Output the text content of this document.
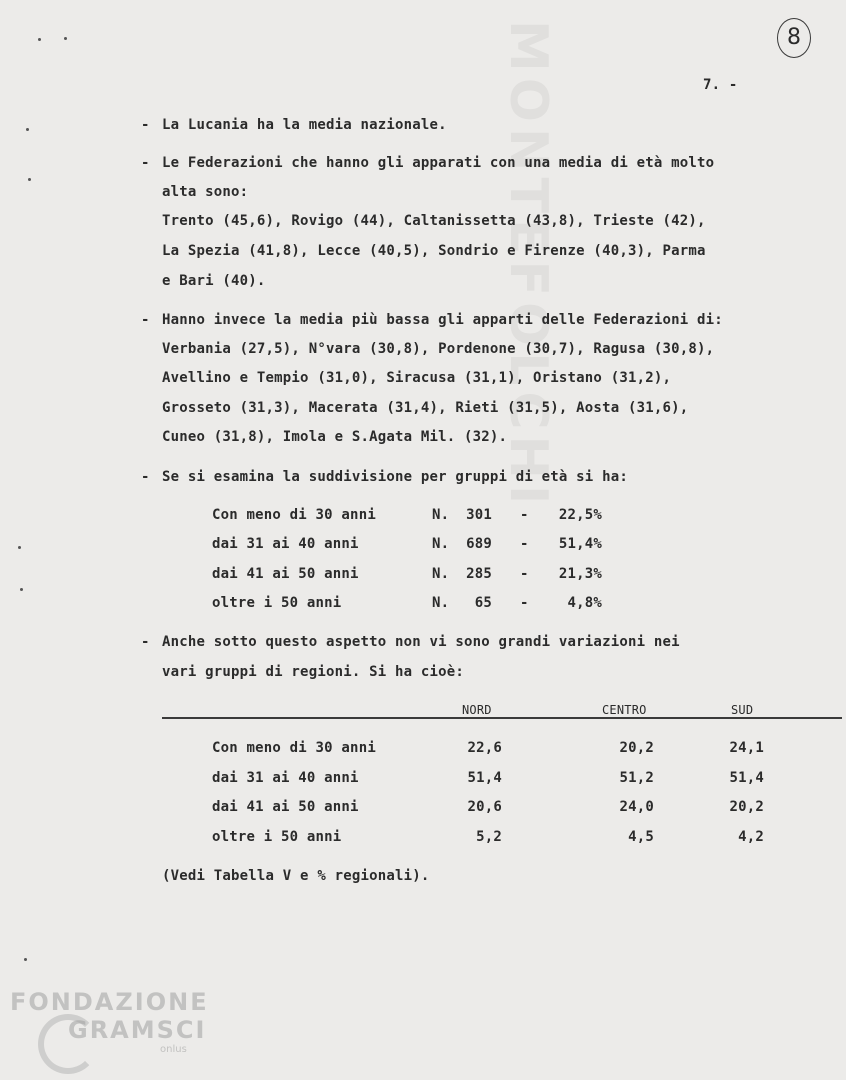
MONTEFOLCHI	8
7. -
- La Lucania ha la media nazionale.
- Le Federazioni che hanno gli apparati con una media di età molto
alta sono:
Trento (45,6), Rovigo (44), Caltanissetta (43,8), Trieste (42),
La Spezia (41,8), Lecce (40,5), Sondrio e Firenze (40,3), Parma
e Bari (40).
- Hanno invece la media più bassa gli apparti delle Federazioni di:
Verbania (27,5), N°vara (30,8), Pordenone (30,7), Ragusa (30,8),
Avellino e Tempio (31,0), Siracusa (31,1), Oristano (31,2),
Grosseto (31,3), Macerata (31,4), Rieti (31,5), Aosta (31,6),
Cuneo (31,8), Imola e S.Agata Mil. (32).
- Se si esamina la suddivisione per gruppi di età si ha:
Con meno di 30 anni	N.	301 -	22,5%
dai 31 ai 40 anni	N.	689 -	51,4%
dai 41 ai 50 anni	N.	285 -	21,3%
oltre i 50 anni	N.	65 -	4,8%
- Anche sotto questo aspetto non vi sono grandi variazioni nei
vari gruppi di regioni. Si ha cioè:
NORD	CENTRO	SUD
Con meno di 30 anni	22,6	20,2	24,1
dai 31 ai 40 anni	51,4	51,2	51,4
dai 41 ai 50 anni	20,6	24,0	20,2
oltre i 50 anni	5,2	4,5	4,2
(Vedi Tabella V e % regionali).
FONDAZIONE
GRAMSCI
onlus
